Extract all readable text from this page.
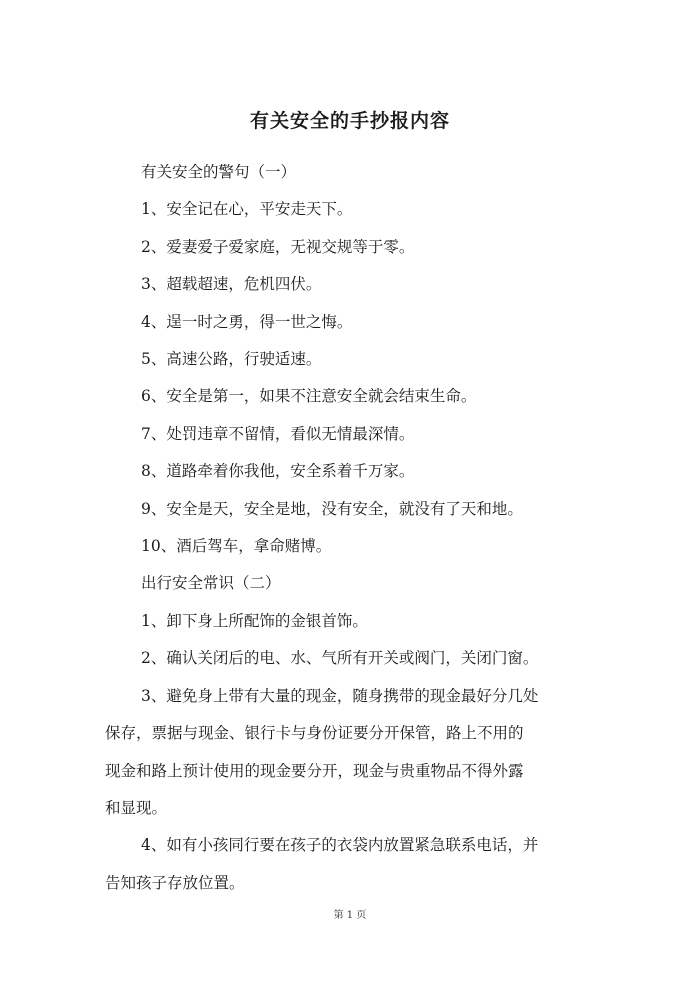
有关安全的手抄报内容
有关安全的警句（一）
1、安全记在心，平安走天下。
2、爱妻爱子爱家庭，无视交规等于零。
3、超载超速，危机四伏。
4、逞一时之勇，得一世之悔。
5、高速公路，行驶适速。
6、安全是第一，如果不注意安全就会结束生命。
7、处罚违章不留情，看似无情最深情。
8、道路牵着你我他，安全系着千万家。
9、安全是天，安全是地，没有安全，就没有了天和地。
10、酒后驾车，拿命赌博。
出行安全常识（二）
1、卸下身上所配饰的金银首饰。
2、确认关闭后的电、水、气所有开关或阀门，关闭门窗。
3、避免身上带有大量的现金，随身携带的现金最好分几处
保存，票据与现金、银行卡与身份证要分开保管，路上不用的
现金和路上预计使用的现金要分开，现金与贵重物品不得外露
和显现。
4、如有小孩同行要在孩子的衣袋内放置紧急联系电话，并
告知孩子存放位置。
第 1 页
